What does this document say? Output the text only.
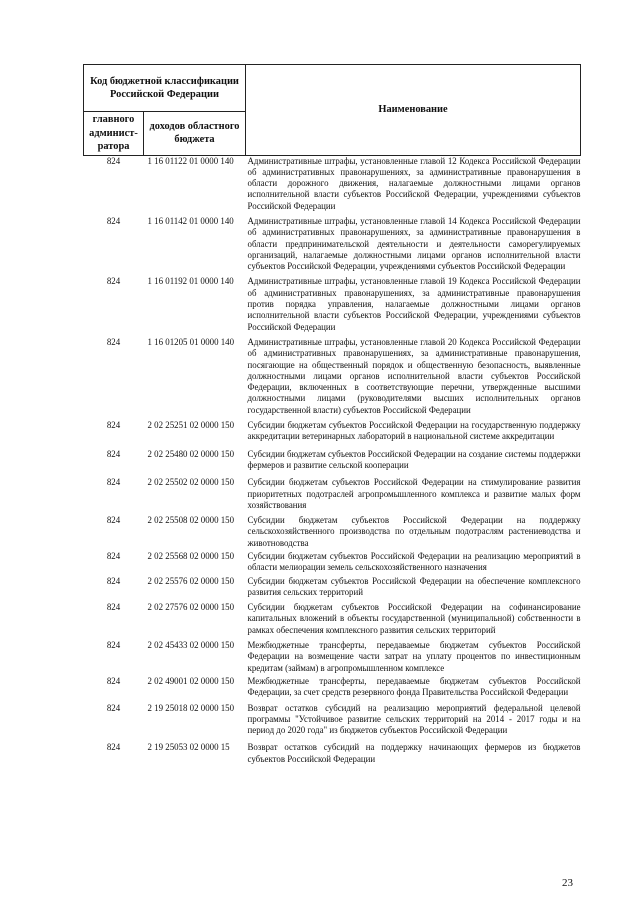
Код бюджетной классификации Российской Федерации		Наименование
главного админист-ратора	доходов областного бюджета	
824	1 16 01122 01 0000 140	Административные штрафы, установленные главой 12 Кодекса Российской Федерации об административных правонарушениях, за административные правонарушения в области дорожного движения, налагаемые должностными лицами органов исполнительной власти субъектов Российской Федерации, учреждениями субъектов Российской Федерации

824	1 16 01142 01 0000 140	Административные штрафы, установленные главой 14 Кодекса Российской Федерации об административных правонарушениях, за административные правонарушения в области предпринимательской деятельности и деятельности саморегулируемых организаций, налагаемые должностными лицами органов исполнительной власти субъектов Российской Федерации, учреждениями субъектов Российской Федерации

824	1 16 01192 01 0000 140	Административные штрафы, установленные главой 19 Кодекса Российской Федерации об административных правонарушениях, за административные правонарушения против порядка управления, налагаемые должностными лицами органов исполнительной власти субъектов Российской Федерации, учреждениями субъектов Российской Федерации

824	1 16 01205 01 0000 140	Административные штрафы, установленные главой 20 Кодекса Российской Федерации об административных правонарушениях, за административные правонарушения, посягающие на общественный порядок и общественную безопасность, выявленные должностными лицами органов исполнительной власти субъектов Российской Федерации, включенных в соответствующие перечни, утвержденные высшими должностными лицами (руководителями высших исполнительных органов государственной власти) субъектов Российской Федерации

824	2 02 25251 02 0000 150	Субсидии бюджетам субъектов Российской Федерации на государственную поддержку аккредитации ветеринарных лабораторий в национальной системе аккредитации

824	2 02 25480 02 0000 150	Субсидии бюджетам субъектов Российской Федерации на создание системы поддержки фермеров и развитие сельской кооперации

824	2 02 25502 02 0000 150	Субсидии бюджетам субъектов Российской Федерации на стимулирование развития приоритетных подотраслей агропромышленного комплекса и развитие малых форм хозяйствования

824	2 02 25508 02 0000 150	Субсидии бюджетам субъектов Российской Федерации на поддержку сельскохозяйственного производства по отдельным подотраслям растениеводства и животноводства

824	2 02 25568 02 0000 150	Субсидии бюджетам субъектов Российской Федерации на реализацию мероприятий в области мелиорации земель сельскохозяйственного назначения

824	2 02 25576 02 0000 150	Субсидии бюджетам субъектов Российской Федерации на обеспечение комплексного развития сельских территорий

824	2 02 27576 02 0000 150	Субсидии бюджетам субъектов Российской Федерации на софинансирование капитальных вложений в объекты государственной (муниципальной) собственности в рамках обеспечения комплексного развития сельских территорий

824	2 02 45433 02 0000 150	Межбюджетные трансферты, передаваемые бюджетам субъектов Российской Федерации на возмещение части затрат на уплату процентов по инвестиционным кредитам (займам) в агропромышленном комплексе

824	2 02 49001 02 0000 150	Межбюджетные трансферты, передаваемые бюджетам субъектов Российской Федерации, за счет средств резервного фонда Правительства Российской Федерации

824	2 19 25018 02 0000 150	Возврат остатков субсидий на реализацию мероприятий федеральной целевой программы "Устойчивое развитие сельских территорий на 2014 - 2017 годы и на период до 2020 года" из бюджетов субъектов Российской Федерации

824	2 19 25053 02 0000 15	Возврат остатков субсидий на поддержку начинающих фермеров из бюджетов субъектов Российской Федерации
23
